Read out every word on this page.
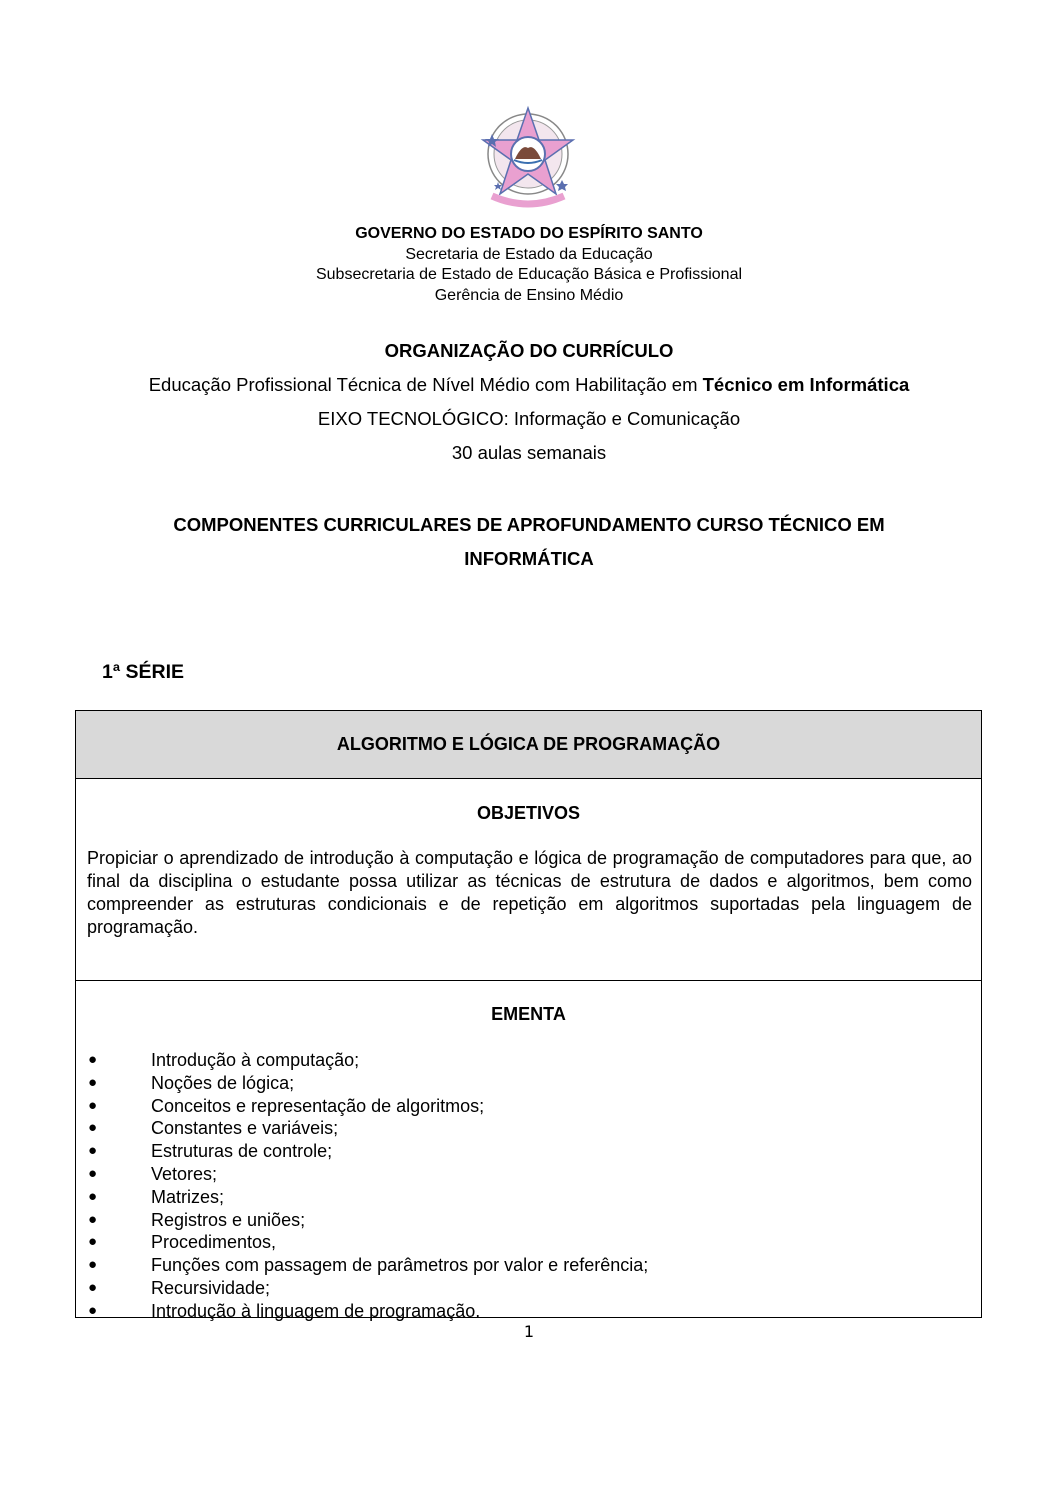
GOVERNO DO ESTADO DO ESPÍRITO SANTO
Secretaria de Estado da Educação
Subsecretaria de Estado de Educação Básica e Profissional
Gerência de Ensino Médio
ORGANIZAÇÃO DO CURRÍCULO
Educação Profissional Técnica de Nível Médio com Habilitação em Técnico em Informática
EIXO TECNOLÓGICO: Informação e Comunicação
30 aulas semanais
COMPONENTES CURRICULARES DE APROFUNDAMENTO CURSO TÉCNICO EM
INFORMÁTICA
1ª SÉRIE
ALGORITMO E LÓGICA DE PROGRAMAÇÃO
OBJETIVOS
Propiciar o aprendizado de introdução à computação e lógica de programação de computadores para que, ao final da disciplina o estudante possa utilizar as técnicas de estrutura de dados e algoritmos, bem como compreender as estruturas condicionais e de repetição em algoritmos suportadas pela linguagem de programação.
EMENTA
●	Introdução à computação;
●	Noções de lógica;
●	Conceitos e representação de algoritmos;
●	Constantes e variáveis;
●	Estruturas de controle;
●	Vetores;
●	Matrizes;
●	Registros e uniões;
●	Procedimentos,
●	Funções com passagem de parâmetros por valor e referência;
●	Recursividade;
●	Introdução à linguagem de programação.
1
